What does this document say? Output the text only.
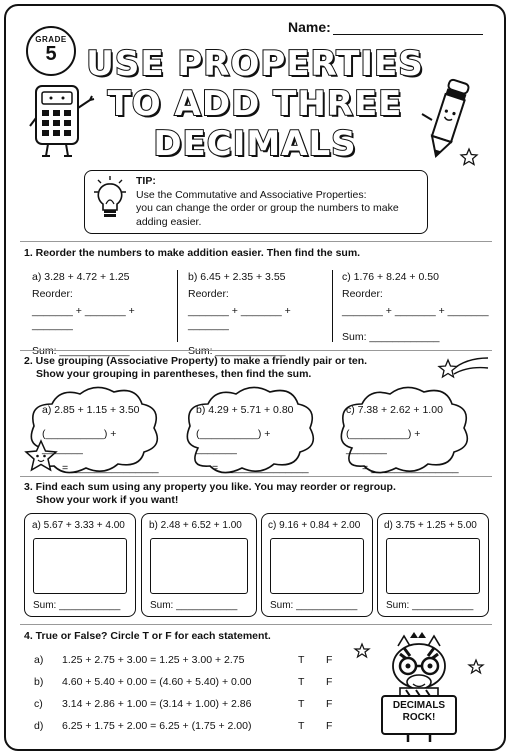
GRADE
5
Name:
USE PROPERTIES
TO ADD THREE
DECIMALS
TIP:
Use the Commutative and Associative Properties:
you can change the order or group the numbers to make
adding easier.
1. Reorder the numbers to make addition easier. Then find the sum.
a) 3.28 + 4.72 + 1.25
Reorder:
_______ + _______ + _______
Sum: ____________
b) 6.45 + 2.35 + 3.55
Reorder:
_______ + _______ + _______
Sum: ____________
c) 1.76 + 8.24 + 0.50
Reorder:
_______ + _______ + _______
Sum: ____________
2. Use grouping (Associative Property) to make a friendly pair or ten.
Show your grouping in parentheses, then find the sum.
a) 2.85 + 1.15 + 3.50
(__________) + _______
= _______________
b) 4.29 + 5.71 + 0.80
(__________) + _______
= _______________
c) 7.38 + 2.62 + 1.00
(__________) + _______
= _______________
3. Find each sum using any property you like. You may reorder or regroup.
Show your work if you want!
a) 5.67 + 3.33 + 4.00
Sum: ___________
b) 2.48 + 6.52 + 1.00
Sum: ___________
c) 9.16 + 0.84 + 2.00
Sum: ___________
d) 3.75 + 1.25 + 5.00
Sum: ___________
4. True or False? Circle T or F for each statement.
a) 1.25 + 2.75 + 3.00 = 1.25 + 3.00 + 2.75	T F
b) 4.60 + 5.40 + 0.00 = (4.60 + 5.40) + 0.00	T F
c) 3.14 + 2.86 + 1.00 = (3.14 + 1.00) + 2.86	T F
d) 6.25 + 1.75 + 2.00 = 6.25 + (1.75 + 2.00)	T F
DECIMALS
ROCK!
